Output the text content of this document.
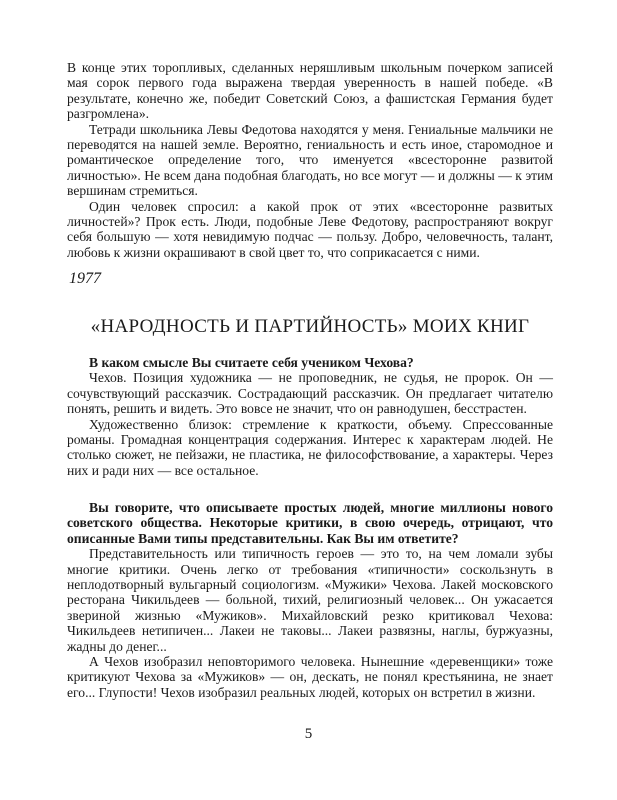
В конце этих торопливых, сделанных неряшливым школьным почерком записей мая сорок первого года выражена твердая уверенность в нашей победе. «В результате, конечно же, победит Советский Союз, а фашистская Германия будет разгромлена».

Тетради школьника Левы Федотова находятся у меня. Гениальные мальчики не переводятся на нашей земле. Вероятно, гениальность и есть иное, старомодное и романтическое определение того, что именуется «всесторонне развитой личностью». Не всем дана подобная благодать, но все могут — и должны — к этим вершинам стремиться.

Один человек спросил: а какой прок от этих «всесторонне развитых личностей»? Прок есть. Люди, подобные Леве Федотову, распространяют вокруг себя большую — хотя невидимую подчас — пользу. Добро, человечность, талант, любовь к жизни окрашивают в свой цвет то, что соприкасается с ними.

1977
«НАРОДНОСТЬ И ПАРТИЙНОСТЬ» МОИХ КНИГ

В каком смысле Вы считаете себя учеником Чехова?

Чехов. Позиция художника — не проповедник, не судья, не пророк. Он — сочувствующий рассказчик. Сострадающий рассказчик. Он предлагает читателю понять, решить и видеть. Это вовсе не значит, что он равнодушен, бесстрастен.

Художественно близок: стремление к краткости, объему. Спрессованные романы. Громадная концентрация содержания. Интерес к характерам людей. Не столько сюжет, не пейзажи, не пластика, не философствование, а характеры. Через них и ради них — все остальное.

Вы говорите, что описываете простых людей, многие миллионы нового советского общества. Некоторые критики, в свою очередь, отрицают, что описанные Вами типы представительны. Как Вы им ответите?

Представительность или типичность героев — это то, на чем ломали зубы многие критики. Очень легко от требования «типичности» соскользнуть в неплодотворный вульгарный социологизм. «Мужики» Чехова. Лакей московского ресторана Чикильдеев — больной, тихий, религиозный человек... Он ужасается звериной жизнью «Мужиков». Михайловский резко критиковал Чехова: Чикильдеев нетипичен... Лакеи не таковы... Лакеи развязны, наглы, буржуазны, жадны до денег...

А Чехов изобразил неповторимого человека. Нынешние «деревенщики» тоже критикуют Чехова за «Мужиков» — он, дескать, не понял крестьянина, не знает его... Глупости! Чехов изобразил реальных людей, которых он встретил в жизни.

5
